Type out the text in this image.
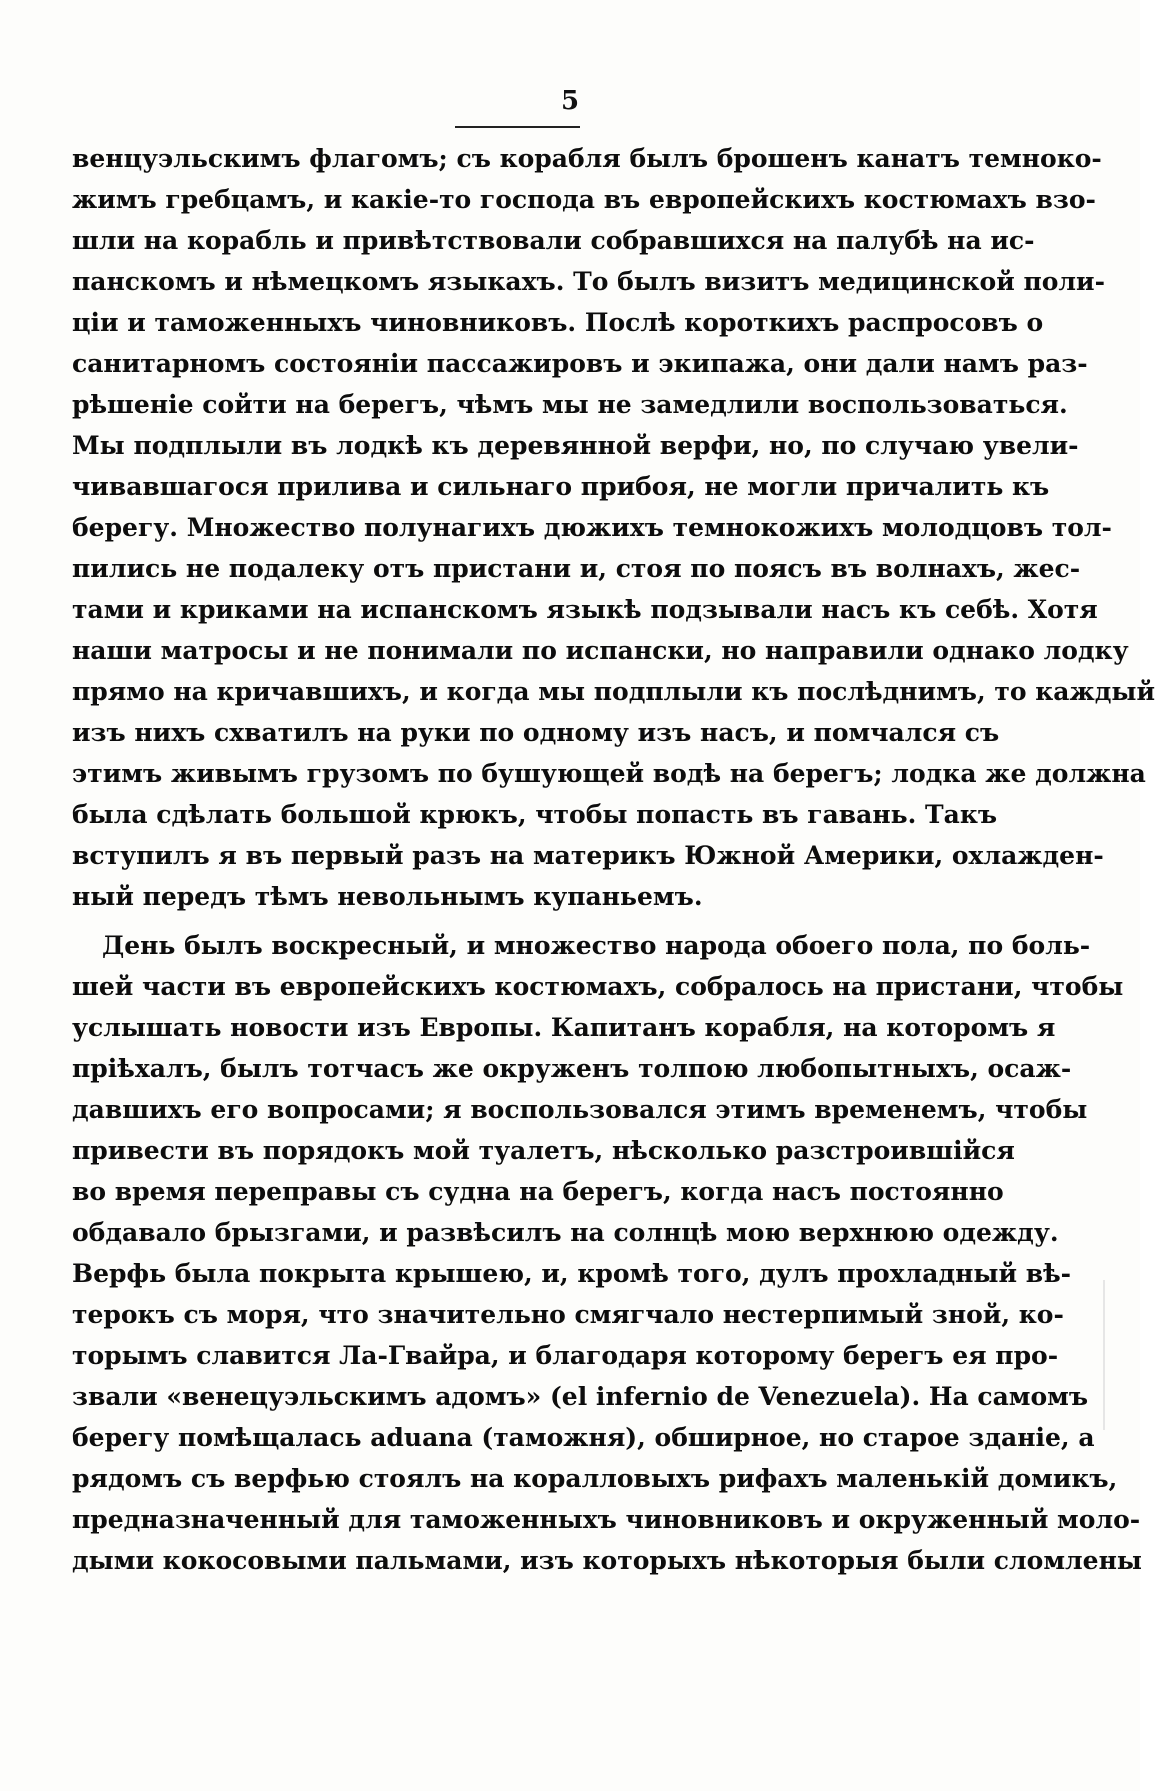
5
венцуэльскимъ флагомъ; съ корабля былъ брошенъ канатъ темноко-
жимъ гребцамъ, и какіе-то господа въ европейскихъ костюмахъ взо-
шли на корабль и привѣтствовали собравшихся на палубѣ на ис-
панскомъ и нѣмецкомъ языкахъ. То былъ визитъ медицинской поли-
ціи и таможенныхъ чиновниковъ. Послѣ короткихъ распросовъ о
санитарномъ состояніи пассажировъ и экипажа, они дали намъ раз-
рѣшеніе сойти на берегъ, чѣмъ мы не замедлили воспользоваться.
Мы подплыли въ лодкѣ къ деревянной верфи, но, по случаю увели-
чивавшагося прилива и сильнаго прибоя, не могли причалить къ
берегу. Множество полунагихъ дюжихъ темнокожихъ молодцовъ тол-
пились не подалеку отъ пристани и, стоя по поясъ въ волнахъ, жес-
тами и криками на испанскомъ языкѣ подзывали насъ къ себѣ. Хотя
наши матросы и не понимали по испански, но направили однако лодку
прямо на кричавшихъ, и когда мы подплыли къ послѣднимъ, то каждый
изъ нихъ схватилъ на руки по одному изъ насъ, и помчался съ
этимъ живымъ грузомъ по бушующей водѣ на берегъ; лодка же должна
была сдѣлать большой крюкъ, чтобы попасть въ гавань. Такъ
вступилъ я въ первый разъ на материкъ Южной Америки, охлажден-
ный передъ тѣмъ невольнымъ купаньемъ.
День былъ воскресный, и множество народа обоего пола, по боль-
шей части въ европейскихъ костюмахъ, собралось на пристани, чтобы
услышать новости изъ Европы. Капитанъ корабля, на которомъ я
пріѣхалъ, былъ тотчасъ же окруженъ толпою любопытныхъ, осаж-
давшихъ его вопросами; я воспользовался этимъ временемъ, чтобы
привести въ порядокъ мой туалетъ, нѣсколько разстроившійся
во время переправы съ судна на берегъ, когда насъ постоянно
обдавало брызгами, и развѣсилъ на солнцѣ мою верхнюю одежду.
Верфь была покрыта крышею, и, кромѣ того, дулъ прохладный вѣ-
терокъ съ моря, что значительно смягчало нестерпимый зной, ко-
торымъ славится Ла-Гвайра, и благодаря которому берегъ ея про-
звали «венецуэльскимъ адомъ» (el infernio de Venezuela). На самомъ
берегу помѣщалась aduana (таможня), обширное, но старое зданіе, а
рядомъ съ верфью стоялъ на коралловыхъ рифахъ маленькій домикъ,
предназначенный для таможенныхъ чиновниковъ и окруженный моло-
дыми кокосовыми пальмами, изъ которыхъ нѣкоторыя были сломлены
